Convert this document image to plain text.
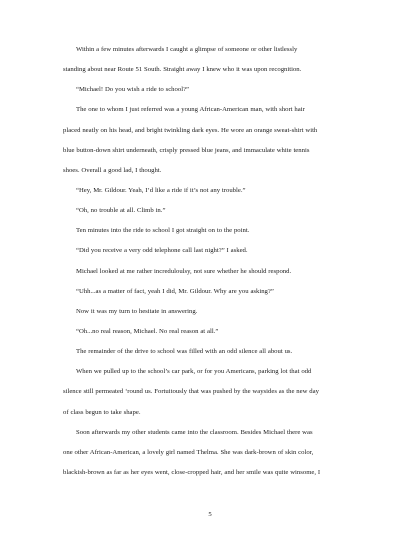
Within a few minutes afterwards I caught a glimpse of someone or other listlessly
standing about near Route 51 South. Straight away I knew who it was upon recognition.
“Michael! Do you wish a ride to school?”
The one to whom I just referred was a young African-American man, with short hair
placed neatly on his head, and bright twinkling dark eyes. He wore an orange sweat-shirt with
blue button-down shirt underneath, crisply pressed blue jeans, and immaculate white tennis
shoes. Overall a good lad, I thought.
“Hey, Mr. Gildour. Yeah, I’d like a ride if it’s not any trouble.”
“Oh, no trouble at all. Climb in.”
Ten minutes into the ride to school I got straight on to the point.
“Did you receive a very odd telephone call last night?” I asked.
Michael looked at me rather increduloulsy, not sure whether he should respond.
“Uhh...as a matter of fact, yeah I did, Mr. Gildour. Why are you asking?”
Now it was my turn to hesitate in answering.
“Oh...no real reason, Michael. No real reason at all.”
The remainder of the drive to school was filled with an odd silence all about us.
When we pulled up to the school’s car park, or for you Americans, parking lot that odd
silence still permeated ‘round us. Fortuitously that was pushed by the waysides as the new day
of class begun to take shape.
Soon afterwards my other students came into the classroom. Besides Michael there was
one other African-American, a lovely girl named Thelma. She was dark-brown of skin color,
blackish-brown as far as her eyes went, close-cropped hair, and her smile was quite winsome, I
5
